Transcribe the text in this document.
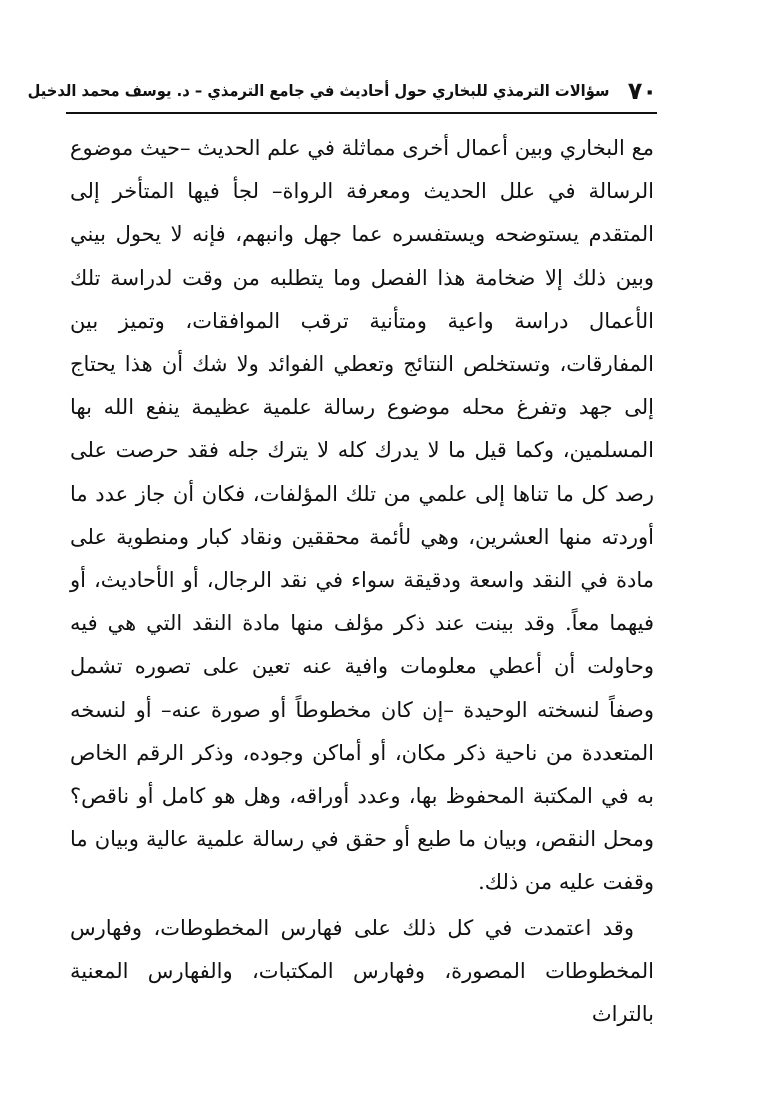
٧٠
سؤالات الترمذي للبخاري حول أحاديث في جامع الترمذي – د. يوسف محمد الدخيل

مع البخاري وبين أعمال أخرى مماثلة في علم الحديث –حيث موضوع الرسالة في علل الحديث ومعرفة الرواة– لجأ فيها المتأخر إلى المتقدم يستوضحه ويستفسره عما جهل وانبهم، فإنه لا يحول بيني وبين ذلك إلا ضخامة هذا الفصل وما يتطلبه من وقت لدراسة تلك الأعمال دراسة واعية ومتأنية ترقب الموافقات، وتميز بين المفارقات، وتستخلص النتائج وتعطي الفوائد ولا شك أن هذا يحتاج إلى جهد وتفرغ محله موضوع رسالة علمية عظيمة ينفع الله بها المسلمين، وكما قيل ما لا يدرك كله لا يترك جله فقد حرصت على رصد كل ما تناها إلى علمي من تلك المؤلفات، فكان أن جاز عدد ما أوردته منها العشرين، وهي لأئمة محققين ونقاد كبار ومنطوية على مادة في النقد واسعة ودقيقة سواء في نقد الرجال، أو الأحاديث، أو فيهما معاً. وقد بينت عند ذكر مؤلف منها مادة النقد التي هي فيه وحاولت أن أعطي معلومات وافية عنه تعين على تصوره تشمل وصفاً لنسخته الوحيدة –إن كان مخطوطاً أو صورة عنه– أو لنسخه المتعددة من ناحية ذكر مكان، أو أماكن وجوده، وذكر الرقم الخاص به في المكتبة المحفوظ بها، وعدد أوراقه، وهل هو كامل أو ناقص؟ ومحل النقص، وبيان ما طبع أو حقق في رسالة علمية عالية وبيان ما وقفت عليه من ذلك.

وقد اعتمدت في كل ذلك على فهارس المخطوطات، وفهارس المخطوطات المصورة، وفهارس المكتبات، والفهارس المعنية بالتراث
